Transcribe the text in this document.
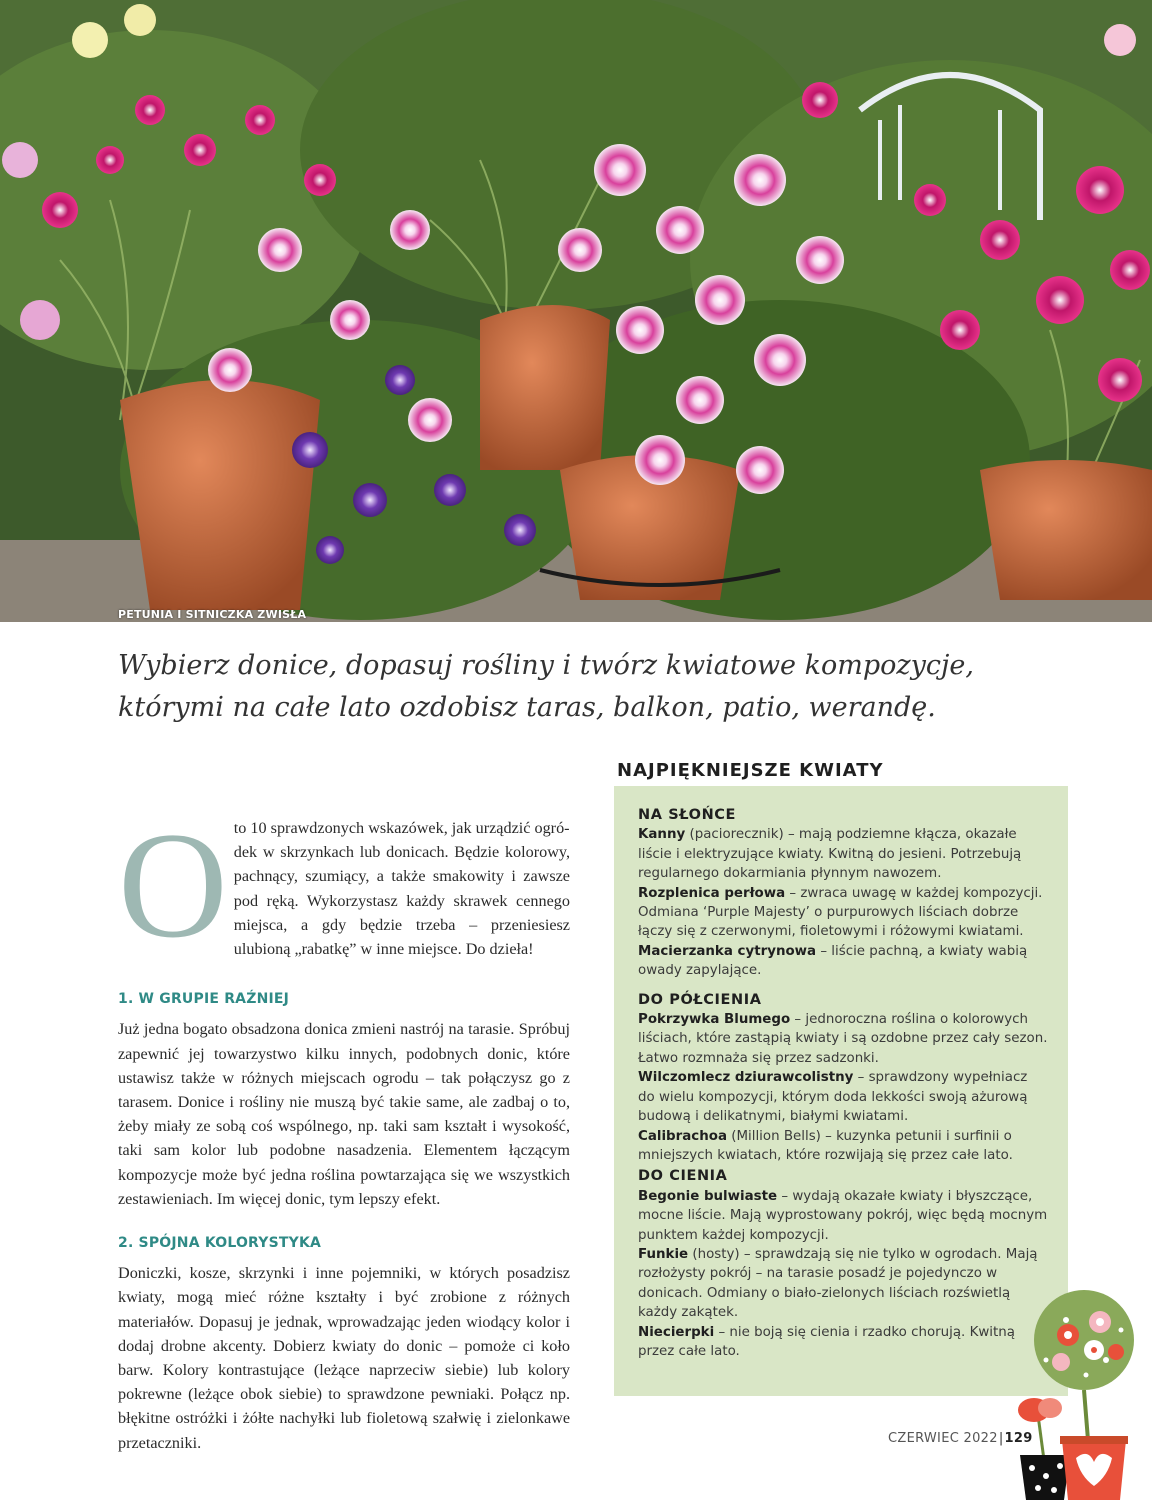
PETUNIA I SITNICZKA ZWISŁA

Wybierz donice, dopasuj rośliny i twórz kwiatowe kompozycje, którymi na całe lato ozdobisz taras, balkon, patio, werandę.

O to 10 sprawdzonych wskazówek, jak urządzić ogró-
dek w skrzynkach lub donicach. Będzie kolorowy, pachnący, szumiący, a także smakowity i zawsze pod ręką. Wykorzystasz każdy skrawek cennego miejsca, a gdy będzie trzeba – przeniesiesz ulubioną „rabatkę” w inne miejsce. Do dzieła!
1. W GRUPIE RAŹNIEJ

Już jedna bogato obsadzona donica zmieni nastrój na tarasie. Spróbuj zapewnić jej towarzystwo kilku innych, podobnych donic, które ustawisz także w różnych miejscach ogrodu – tak połączysz go z tarasem. Donice i rośliny nie muszą być takie same, ale zadbaj o to, żeby miały ze sobą coś wspólnego, np. taki sam kształt i wysokość, taki sam kolor lub podobne nasadzenia. Elementem łączącym kompozycje może być jedna roślina powtarzająca się we wszystkich zestawieniach. Im więcej donic, tym lepszy efekt.

2. SPÓJNA KOLORYSTYKA

Doniczki, kosze, skrzynki i inne pojemniki, w których posadzisz kwiaty, mogą mieć różne kształty i być zrobione z różnych materiałów. Dopasuj je jednak, wprowadzając jeden wiodący kolor i dodaj drobne akcenty. Dobierz kwiaty do donic – pomoże ci koło barw. Kolory kontrastujące (leżące naprzeciw siebie) lub kolory pokrewne (leżące obok siebie) to sprawdzone pewniaki. Połącz np. błękitne ostróżki i żółte nachyłki lub fioletową szałwię i zielonkawe przetaczniki.

NAJPIĘKNIEJSZE KWIATY
NA SŁOŃCE

Kanny (paciorecznik) – mają podziemne kłącza, okazałe liście i elektryzujące kwiaty. Kwitną do jesieni. Potrzebują regularnego dokarmiania płynnym nawozem.

Rozplenica perłowa – zwraca uwagę w każdej kompozycji. Odmiana ‘Purple Majesty’ o purpurowych liściach dobrze łączy się z czerwonymi, fioletowymi i różowymi kwiatami.

Macierzanka cytrynowa – liście pachną, a kwiaty wabią owady zapylające.

DO PÓŁCIENIA

Pokrzywka Blumego – jednoroczna roślina o kolorowych liściach, które zastąpią kwiaty i są ozdobne przez cały sezon. Łatwo rozmnaża się przez sadzonki.

Wilczomlecz dziurawcolistny – sprawdzony wypełniacz do wielu kompozycji, którym doda lekkości swoją ażurową budową i delikatnymi, białymi kwiatami.

Calibrachoa (Million Bells) – kuzynka petunii i surfinii o mniejszych kwiatach, które rozwijają się przez całe lato.

DO CIENIA

Begonie bulwiaste – wydają okazałe kwiaty i błyszczące, mocne liście. Mają wyprostowany pokrój, więc będą mocnym punktem każdej kompozycji.

Funkie (hosty) – sprawdzają się nie tylko w ogrodach. Mają rozłożysty pokrój – na tarasie posadź je pojedynczo w donicach. Odmiany o biało-zielonych liściach rozświetlą każdy zakątek.

Niecierpki – nie boją się cienia i rzadko chorują. Kwitną przez całe lato.

CZERWIEC 2022|129
